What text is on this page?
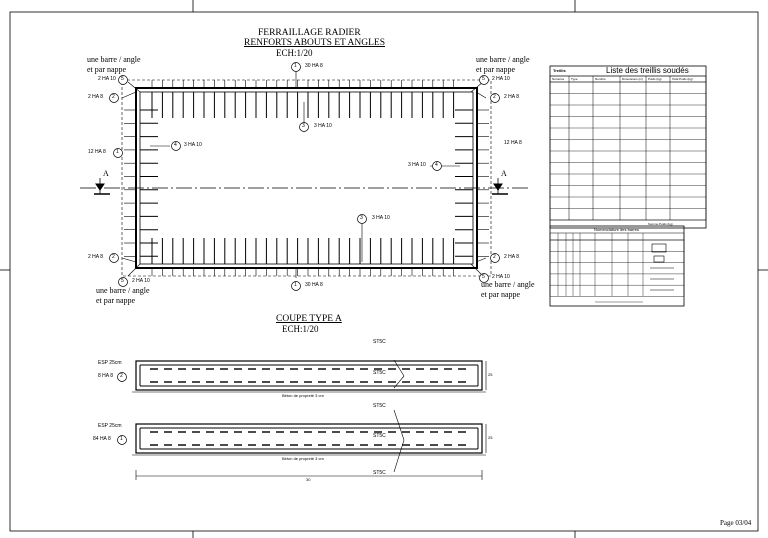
FERRAILLAGE RADIER
RENFORTS ABOUTS ET ANGLES
ECH:1/20
une barre / angle
et par nappe
une barre / angle
et par nappe
une barre / angle
et par nappe
une barre / angle
et par nappe
1 30 HA 8
3 3 HA 10
4 3 HA 10
4
3 HA 10
3 3 HA 10
1 30 HA 8
12 HA 8 1
2 HA 10 5	2 HA 10
5
2 HA 10
5
2 HA 10
5
2 HA 8 2
2 HA 8 2
2 HA 8
2
2 HA 8
2
12 HA 8
A	A
Treillis	Liste des treillis soudés
Numéros Type	Nombre	Dimensions (m) Poids (kg)	Total Poids (kg)
Somme Poids (kg)
Nomenclature des barres
COUPE TYPE A
ECH:1/20
ESP 25cm
8 HA 8 2
ESP 25cm
84 HA 8 1
ST5C
ST5C
ST5C
ST5C
ST5C
Béton de propreté 3 cm
Béton de propreté 3 cm
25
25
30
Page 03/04
